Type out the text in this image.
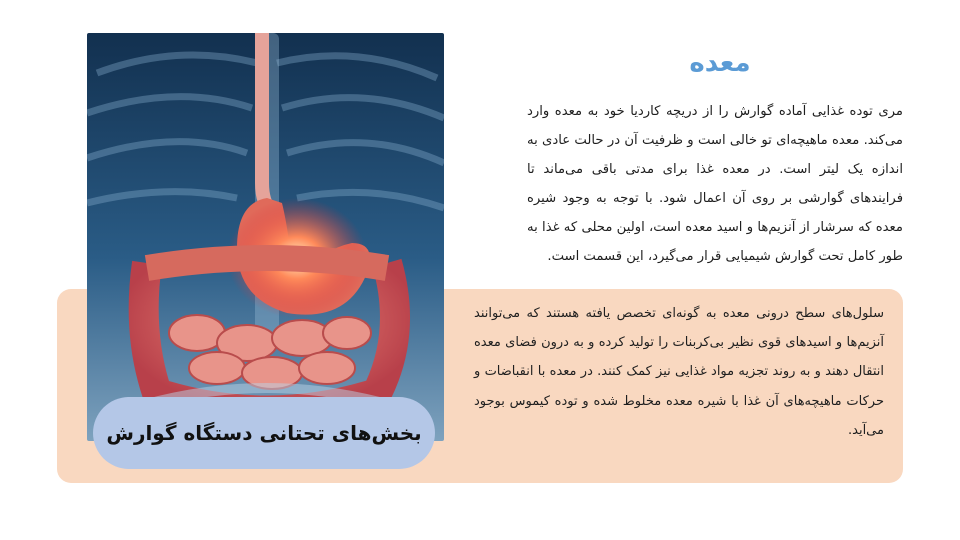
معده
مری توده غذایی آماده گوارش را از دریچه کاردیا خود به معده وارد می‌کند. معده ماهیچه‌ای تو خالی است و ظرفیت آن در حالت عادی به اندازه یک لیتر است. در معده غذا برای مدتی باقی می‌ماند تا فرایندهای گوارشی بر روی آن اعمال شود. با توجه به وجود شیره معده که سرشار از آنزیم‌ها و اسید معده است، اولین محلی که غذا به طور کامل تحت گوارش شیمیایی قرار می‌گیرد، این قسمت است.
سلول‌های سطح درونی معده به گونه‌ای تخصص یافته هستند که می‌توانند آنزیم‌ها و اسیدهای قوی نظیر بی‌کربنات را تولید کرده و به درون فضای معده انتقال دهند و به روند تجزیه مواد غذایی نیز کمک کنند. در معده با انقباضات و حرکات ماهیچه‌های آن غذا با شیره معده مخلوط شده و توده کیموس بوجود می‌آید.
بخش‌های تحتانی دستگاه گوارش
